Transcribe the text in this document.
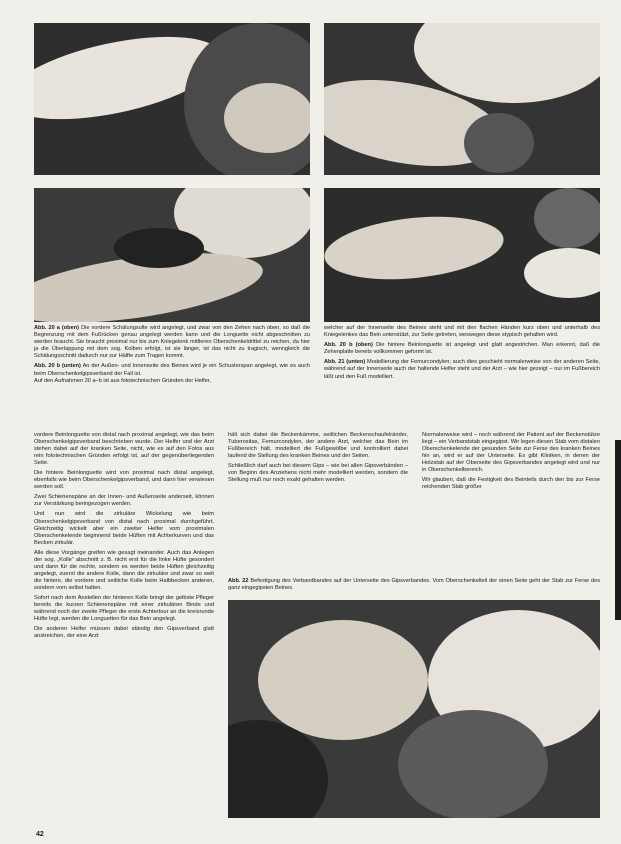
Abb. 20 a (oben) Die vordere Schälungsulte wird angelegt, und zwar von den Zehen nach oben, so daß die Begrenzung mit dem Fußrücken genau angelegt werden kann und die Longuette nicht abgeschnitten zu werden braucht. Sie braucht proximal nur bis zum Kniegelenk mittleren Oberschenkeldrittel zu reichen, da hier ja die Überlappung mit dem sog. Kolben erfolgt, ist sie länger, ist das nicht zu tragisch, wenngleich die Schälungsschnitt dadurch nur zur Hälfte zum Tragen kommt.

Abb. 20 b (unten) An der Außen- und Innenseite des Beines wird je ein Schusterspan angelegt, wie es auch beim Oberschenkelgipsverband der Fall ist.
Auf den Aufnahmen 20 a–b ist aus fototechnischen Gründen der Helfer,

welcher auf der Innenseite des Beines steht und mit den flachen Händen kurz oben und unterhalb des Kniegelenkes das Bein unterstützt, zur Seite getreten, weswegen diese stypisch gehalten wird.

Abb. 20 b (oben) Die hintere Beinlonguette ist angelegt und glatt angestrichen. Man erkennt, daß die Zehenplatte bereits vollkommen geformt ist.

Abb. 21 (unten) Modellierung der Femurcondylen; auch dies geschieht normalerweise von der anderen Seite, während auf der Innenseite auch der haltende Helfer steht und der Arzt – wie hier gezeigt – nur im Fußbereich läßt und den Fuß modelliert.

vordere Beinlonguette von distal nach proximal angelegt, wie das beim Oberschenkelgipsverband beschrieben wurde. Der Helfer und der Arzt stehen dabei auf der kranken Seite, nicht, wie es auf den Fotos aus rein fototechnischen Gründen erfolgt ist, auf der gegenüberliegenden Seite.

Die hintere Beinlonguette wird von proximal nach distal angelegt, ebenfalls wie beim Oberschenkelgipsverband, und dann hier verwiesen werden soll.

Zwei Schienenspäne an der Innen- und Außenseite anderseit, können zur Verstärkung beringezogen werden.

Und nun wird die zirkuläre Wickelung wie beim Oberschenkelgipsverband von distal nach proximal durchgeführt. Gleichzeitig wickelt aber ein zweiter Helfer vom proximalen Oberschenkelende beginnend beide Hüften mit Achterkurven und das Becken zirkulär.

Alle diese Vorgänge greifen wie gesagt ineinander. Auch das Anlegen der sog. „Kolle“ abschnitt z. B. nicht erst für die linke Hüfte gesondert und dann für die rechte, sondern es werden beide Hüften gleichzeitig angelegt, zuerst die andere Kolle, dann die zirkuläre und zwar so weit die hintere, die vordere und seitliche Kolle beim Halbbecken anderen, sondern vom selbst halten.

Sofort nach dem Anstellen der hinteren Kolle bringt der gelbste Pfleger bereits die kurzen Schienenspäne mit einer zirkulären Binde und während noch der zweite Pfleger die erste Achtertour an die kreisrunde Hüfte legt, werden die Longuetten für das Bein angelegt.

Die anderen Helfer müssen dabei ständig den Gipsverband glatt anstreichen, der eine Arzt

hält sich dabei die Beckenkämme, seitlichen Beckenschaufelränder, Tuberositas, Femurcondylen, der andere Arzt, welcher das Bein im Fußbereich hält, modelliert die Fußgewölbe und kontrolliert dabei laufend die Stellung des kranken Beines und der Seiten.

Schließlich darf auch bei diesem Gips – wie bei allen Gipsverbänden – von Beginn des Anziehens nicht mehr modelliert werden, sondern die Stellung muß nur noch exakt gehalten werden.

Normalerweise wird – noch während der Patient auf der Beckenstütze liegt – ein Verbandstab eingegipst. Wir legen diesen Stab vom distalen Oberschenkelende der gesunden Seite zur Ferse des kranken Beines hin an, wird er auf der Unterseite. Es gibt Kliniken, in denen der Holzstab auf der Oberseite des Gipsverbandes angelegt wird und nur in Oberschenkelbereich.

Wir glauben, daß die Festigkeit des Beinteils durch den bis zur Ferse reichenden Stab größer

Abb. 22 Befestigung des Verbandbandes auf der Unterseite des Gipsverbandes. Vom Oberschenkelteil der einen Seite geht der Stab zur Ferse des ganz eingegipsten Beines.

42
